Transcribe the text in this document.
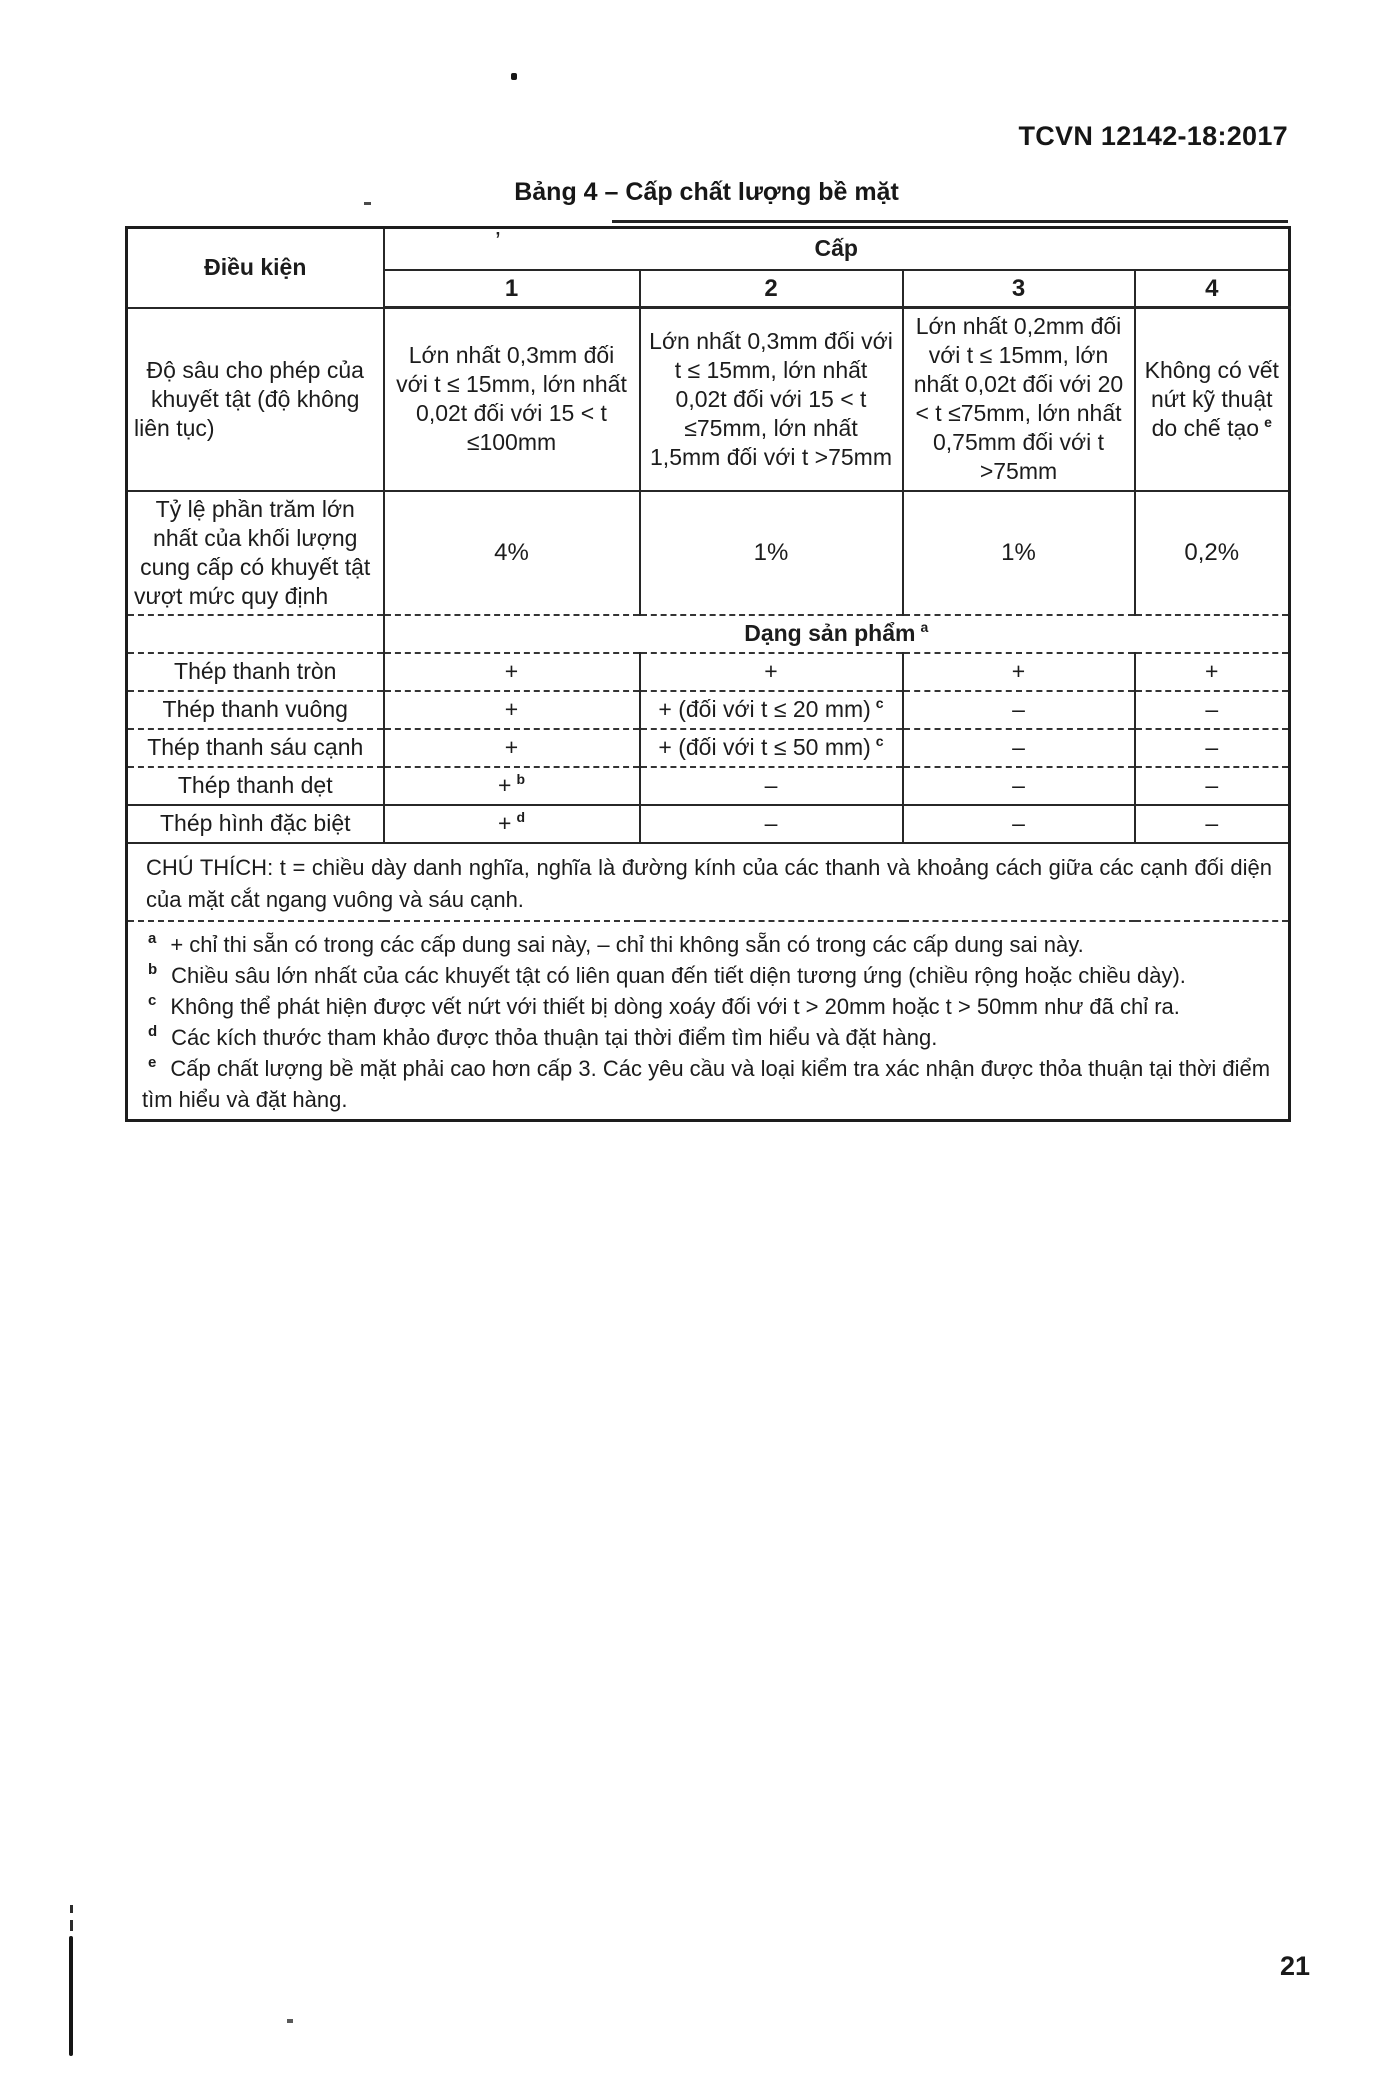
TCVN 12142-18:2017
Bảng 4 – Cấp chất lượng bề mặt
’
Điều kiện	Cấp			
	1	2	3	4
Độ sâu cho phép của khuyết tật (độ không liên tục)	Lớn nhất 0,3mm đối với t ≤ 15mm, lớn nhất 0,02t đối với 15 < t ≤100mm	Lớn nhất 0,3mm đối với t ≤ 15mm, lớn nhất 0,02t đối với 15 < t ≤75mm, lớn nhất 1,5mm đối với t >75mm	Lớn nhất 0,2mm đối với t ≤ 15mm, lớn nhất 0,02t đối với 20 < t ≤75mm, lớn nhất 0,75mm đối với t >75mm	Không có vết nứt kỹ thuật do chế tạo $^e$
Tỷ lệ phần trăm lớn nhất của khối lượng cung cấp có khuyết tật vượt mức quy định	4%	1%	1%	0,2%
	Dạng sản phẩm $^a$
Thép thanh tròn	+	+	+	+
Thép thanh vuông	+	+ (đối với t ≤ 20 mm) $^c$	–	–
Thép thanh sáu cạnh	+	+ (đối với t ≤ 50 mm) $^c$	–	–
Thép thanh dẹt	+ $^b$	–	–	–
Thép hình đặc biệt	+ $^d$	–	–	–
CHÚ THÍCH: t = chiều dày danh nghĩa, nghĩa là đường kính của các thanh và khoảng cách giữa các cạnh đối diện của mặt cắt ngang vuông và sáu cạnh.				

$^a$ + chỉ thi sẵn có trong các cấp dung sai này, – chỉ thi không sẵn có trong các cấp dung sai này.
$^b$ Chiều sâu lớn nhất của các khuyết tật có liên quan đến tiết diện tương ứng (chiều rộng hoặc chiều dày).
$^c$ Không thể phát hiện được vết nứt với thiết bị dòng xoáy đối với t > 20mm hoặc t > 50mm như đã chỉ ra.
$^d$ Các kích thước tham khảo được thỏa thuận tại thời điểm tìm hiểu và đặt hàng.
$^e$ Cấp chất lượng bề mặt phải cao hơn cấp 3. Các yêu cầu và loại kiểm tra xác nhận được thỏa thuận tại thời điểm tìm hiểu và đặt hàng.				
21
